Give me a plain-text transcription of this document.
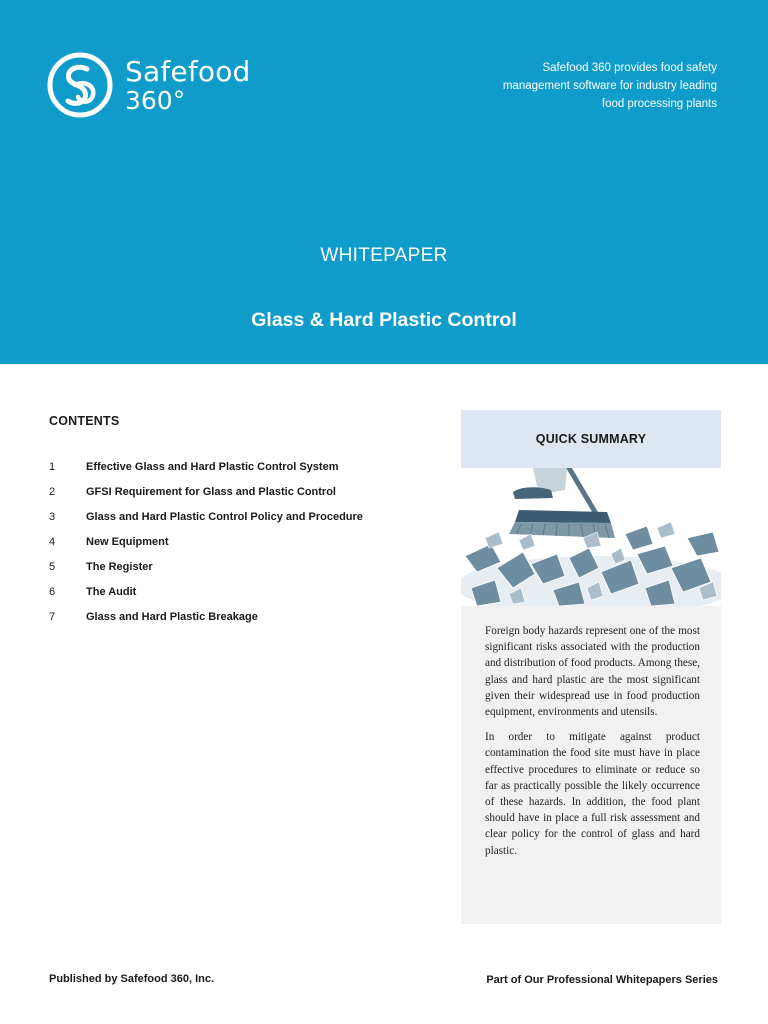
Safefood
360°
Safefood 360 provides food safety
management software for industry leading
food processing plants
WHITEPAPER
Glass & Hard Plastic Control
CONTENTS
1	Effective Glass and Hard Plastic Control System
2	GFSI Requirement for Glass and Plastic Control
3	Glass and Hard Plastic Control Policy and Procedure
4	New Equipment
5	The Register
6	The Audit
7	Glass and Hard Plastic Breakage
QUICK SUMMARY

Foreign body hazards represent one of the most significant risks associated with the production and distribution of food products. Among these, glass and hard plastic are the most significant given their widespread use in food production equipment, environments and utensils.

In order to mitigate against product contamination the food site must have in place effective procedures to eliminate or reduce so far as practically possible the likely occurrence of these hazards. In addition, the food plant should have in place a full risk assessment and clear policy for the control of glass and hard plastic.

Published by Safefood 360, Inc.	Part of Our Professional Whitepapers Series
